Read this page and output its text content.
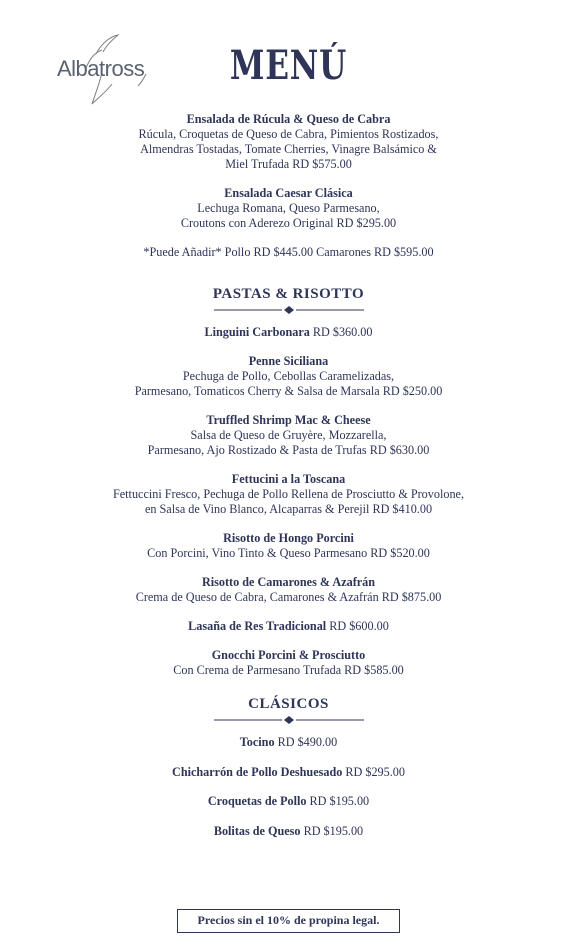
Albatross	MENÚ
Ensalada de Rúcula & Queso de Cabra
Rúcula, Croquetas de Queso de Cabra, Pimientos Rostizados,
Almendras Tostadas, Tomate Cherries, Vinagre Balsámico &
Miel Trufada RD $575.00
Ensalada Caesar Clásica
Lechuga Romana, Queso Parmesano,
Croutons con Aderezo Original RD $295.00
*Puede Añadir* Pollo RD $445.00 Camarones RD $595.00
PASTAS & RISOTTO
Linguini Carbonara RD $360.00
Penne Siciliana
Pechuga de Pollo, Cebollas Caramelizadas,
Parmesano, Tomaticos Cherry & Salsa de Marsala RD $250.00
Truffled Shrimp Mac & Cheese
Salsa de Queso de Gruyère, Mozzarella,
Parmesano, Ajo Rostizado & Pasta de Trufas RD $630.00
Fettucini a la Toscana
Fettuccini Fresco, Pechuga de Pollo Rellena de Prosciutto & Provolone,
en Salsa de Vino Blanco, Alcaparras & Perejil RD $410.00
Risotto de Hongo Porcini
Con Porcini, Vino Tinto & Queso Parmesano RD $520.00
Risotto de Camarones & Azafrán
Crema de Queso de Cabra, Camarones & Azafrán RD $875.00
Lasaña de Res Tradicional RD $600.00
Gnocchi Porcini & Prosciutto
Con Crema de Parmesano Trufada RD $585.00
CLÁSICOS
Tocino RD $490.00
Chicharrón de Pollo Deshuesado RD $295.00
Croquetas de Pollo RD $195.00
Bolitas de Queso RD $195.00
Precios sin el 10% de propina legal.
